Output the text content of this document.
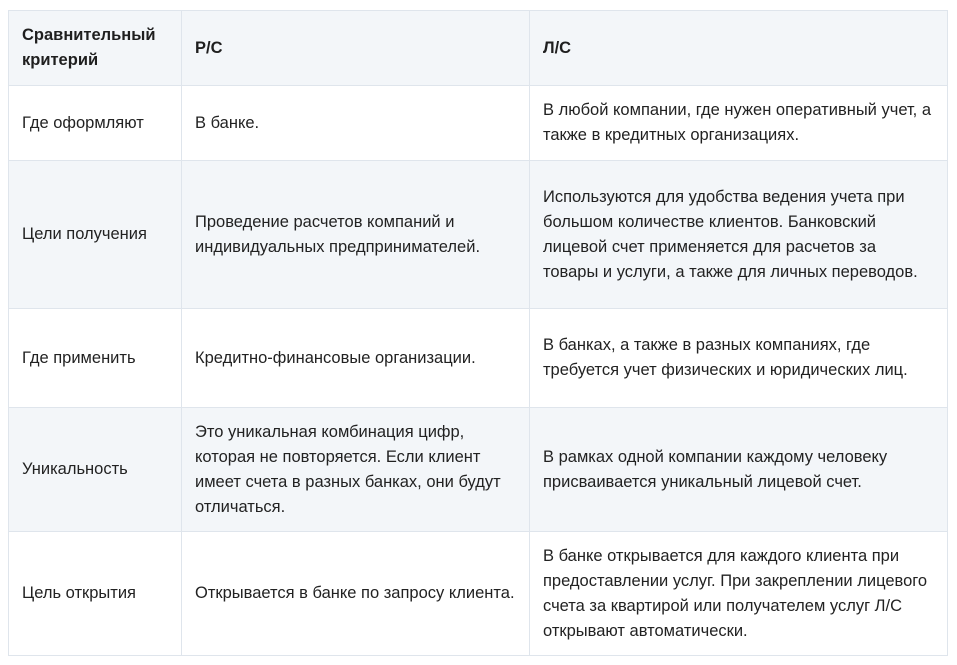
Сравнительный критерий	Р/С	Л/С
Где оформляют	В банке.	В любой компании, где нужен оперативный учет, а также в кредитных организациях.
Цели получения	Проведение расчетов компаний и индивидуальных предпринимателей.	Используются для удобства ведения учета при большом количестве клиентов. Банковский лицевой счет применяется для расчетов за товары и услуги, а также для личных переводов.
Где применить	Кредитно-финансовые организации.	В банках, а также в разных компаниях, где требуется учет физических и юридических лиц.
Уникальность	Это уникальная комбинация цифр, которая не повторяется. Если клиент имеет счета в разных банках, они будут отличаться.	В рамках одной компании каждому человеку присваивается уникальный лицевой счет.
Цель открытия	Открывается в банке по запросу клиента.	В банке открывается для каждого клиента при предоставлении услуг. При закреплении лицевого счета за квартирой или получателем услуг Л/С открывают автоматически.
